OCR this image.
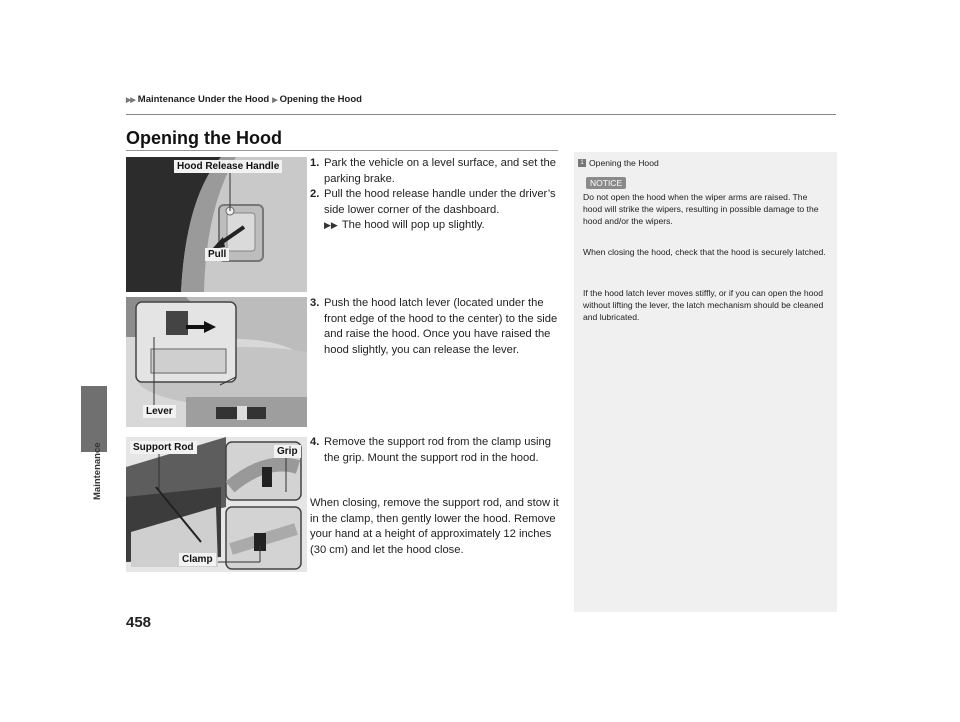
▶▶ Maintenance Under the Hood ▶ Opening the Hood
Opening the Hood
Maintenance
Hood Release Handle
Pull
Lever
Support Rod	Grip
Clamp
1. Park the vehicle on a level surface, and set the parking brake.
2. Pull the hood release handle under the driver’s side lower corner of the dashboard.
▶▶ The hood will pop up slightly.
3. Push the hood latch lever (located under the front edge of the hood to the center) to the side and raise the hood. Once you have raised the hood slightly, you can release the lever.
4. Remove the support rod from the clamp using the grip. Mount the support rod in the hood.
When closing, remove the support rod, and stow it in the clamp, then gently lower the hood. Remove your hand at a height of approximately 12 inches (30 cm) and let the hood close.
1 Opening the Hood
NOTICE
Do not open the hood when the wiper arms are raised. The hood will strike the wipers, resulting in possible damage to the hood and/or the wipers.
When closing the hood, check that the hood is securely latched.
If the hood latch lever moves stiffly, or if you can open the hood without lifting the lever, the latch mechanism should be cleaned and lubricated.
458
